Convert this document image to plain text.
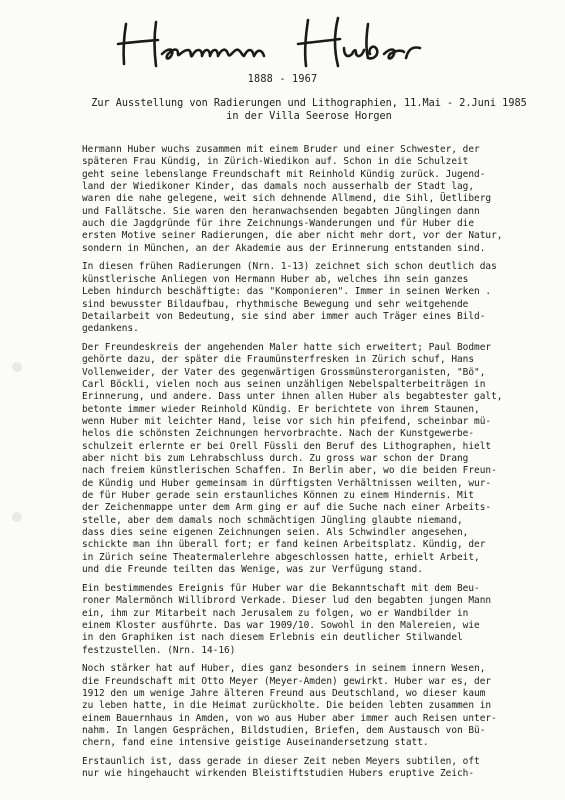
1888 - 1967
Zur Ausstellung von Radierungen und Lithographien, 11.Mai - 2.Juni 1985
in der Villa Seerose Horgen
Hermann Huber wuchs zusammen mit einem Bruder und einer Schwester, der
späteren Frau Kündig, in Zürich-Wiedikon auf. Schon in die Schulzeit
geht seine lebenslange Freundschaft mit Reinhold Kündig zurück. Jugend-
land der Wiedikoner Kinder, das damals noch ausserhalb der Stadt lag,
waren die nahe gelegene, weit sich dehnende Allmend, die Sihl, Üetliberg
und Fallätsche. Sie waren den heranwachsenden begabten Jünglingen dann
auch die Jagdgründe für ihre Zeichnungs-Wanderungen und für Huber die
ersten Motive seiner Radierungen, die aber nicht mehr dort, vor der Natur,
sondern in München, an der Akademie aus der Erinnerung entstanden sind.
In diesen frühen Radierungen (Nrn. 1-13) zeichnet sich schon deutlich das
künstlerische Anliegen von Hermann Huber ab, welches ihn sein ganzes
Leben hindurch beschäftigte: das "Komponieren". Immer in seinen Werken .
sind bewusster Bildaufbau, rhythmische Bewegung und sehr weitgehende
Detailarbeit von Bedeutung, sie sind aber immer auch Träger eines Bild-
gedankens.
Der Freundeskreis der angehenden Maler hatte sich erweitert; Paul Bodmer
gehörte dazu, der später die Fraumünsterfresken in Zürich schuf, Hans
Vollenweider, der Vater des gegenwärtigen Grossmünsterorganisten, "Bö",
Carl Böckli, vielen noch aus seinen unzähligen Nebelspalterbeiträgen in
Erinnerung, und andere. Dass unter ihnen allen Huber als begabtester galt,
betonte immer wieder Reinhold Kündig. Er berichtete von ihrem Staunen,
wenn Huber mit leichter Hand, leise vor sich hin pfeifend, scheinbar mü-
helos die schönsten Zeichnungen hervorbrachte. Nach der Kunstgewerbe-
schulzeit erlernte er bei Orell Füssli den Beruf des Lithographen, hielt
aber nicht bis zum Lehrabschluss durch. Zu gross war schon der Drang
nach freiem künstlerischen Schaffen. In Berlin aber, wo die beiden Freun-
de Kündig und Huber gemeinsam in dürftigsten Verhältnissen weilten, wur-
de für Huber gerade sein erstaunliches Können zu einem Hindernis. Mit
der Zeichenmappe unter dem Arm ging er auf die Suche nach einer Arbeits-
stelle, aber dem damals noch schmächtigen Jüngling glaubte niemand,
dass dies seine eigenen Zeichnungen seien. Als Schwindler angesehen,
schickte man ihn überall fort; er fand keinen Arbeitsplatz. Kündig, der
in Zürich seine Theatermalerlehre abgeschlossen hatte, erhielt Arbeit,
und die Freunde teilten das Wenige, was zur Verfügung stand.
Ein bestimmendes Ereignis für Huber war die Bekanntschaft mit dem Beu-
roner Malermönch Willibrord Verkade. Dieser lud den begabten jungen Mann
ein, ihm zur Mitarbeit nach Jerusalem zu folgen, wo er Wandbilder in
einem Kloster ausführte. Das war 1909/10. Sowohl in den Malereien, wie
in den Graphiken ist nach diesem Erlebnis ein deutlicher Stilwandel
festzustellen. (Nrn. 14-16)
Noch stärker hat auf Huber, dies ganz besonders in seinem innern Wesen,
die Freundschaft mit Otto Meyer (Meyer-Amden) gewirkt. Huber war es, der
1912 den um wenige Jahre älteren Freund aus Deutschland, wo dieser kaum
zu leben hatte, in die Heimat zurückholte. Die beiden lebten zusammen in
einem Bauernhaus in Amden, von wo aus Huber aber immer auch Reisen unter-
nahm. In langen Gesprächen, Bildstudien, Briefen, dem Austausch von Bü-
chern, fand eine intensive geistige Auseinandersetzung statt.
Erstaunlich ist, dass gerade in dieser Zeit neben Meyers subtilen, oft
nur wie hingehaucht wirkenden Bleistiftstudien Hubers eruptive Zeich-
